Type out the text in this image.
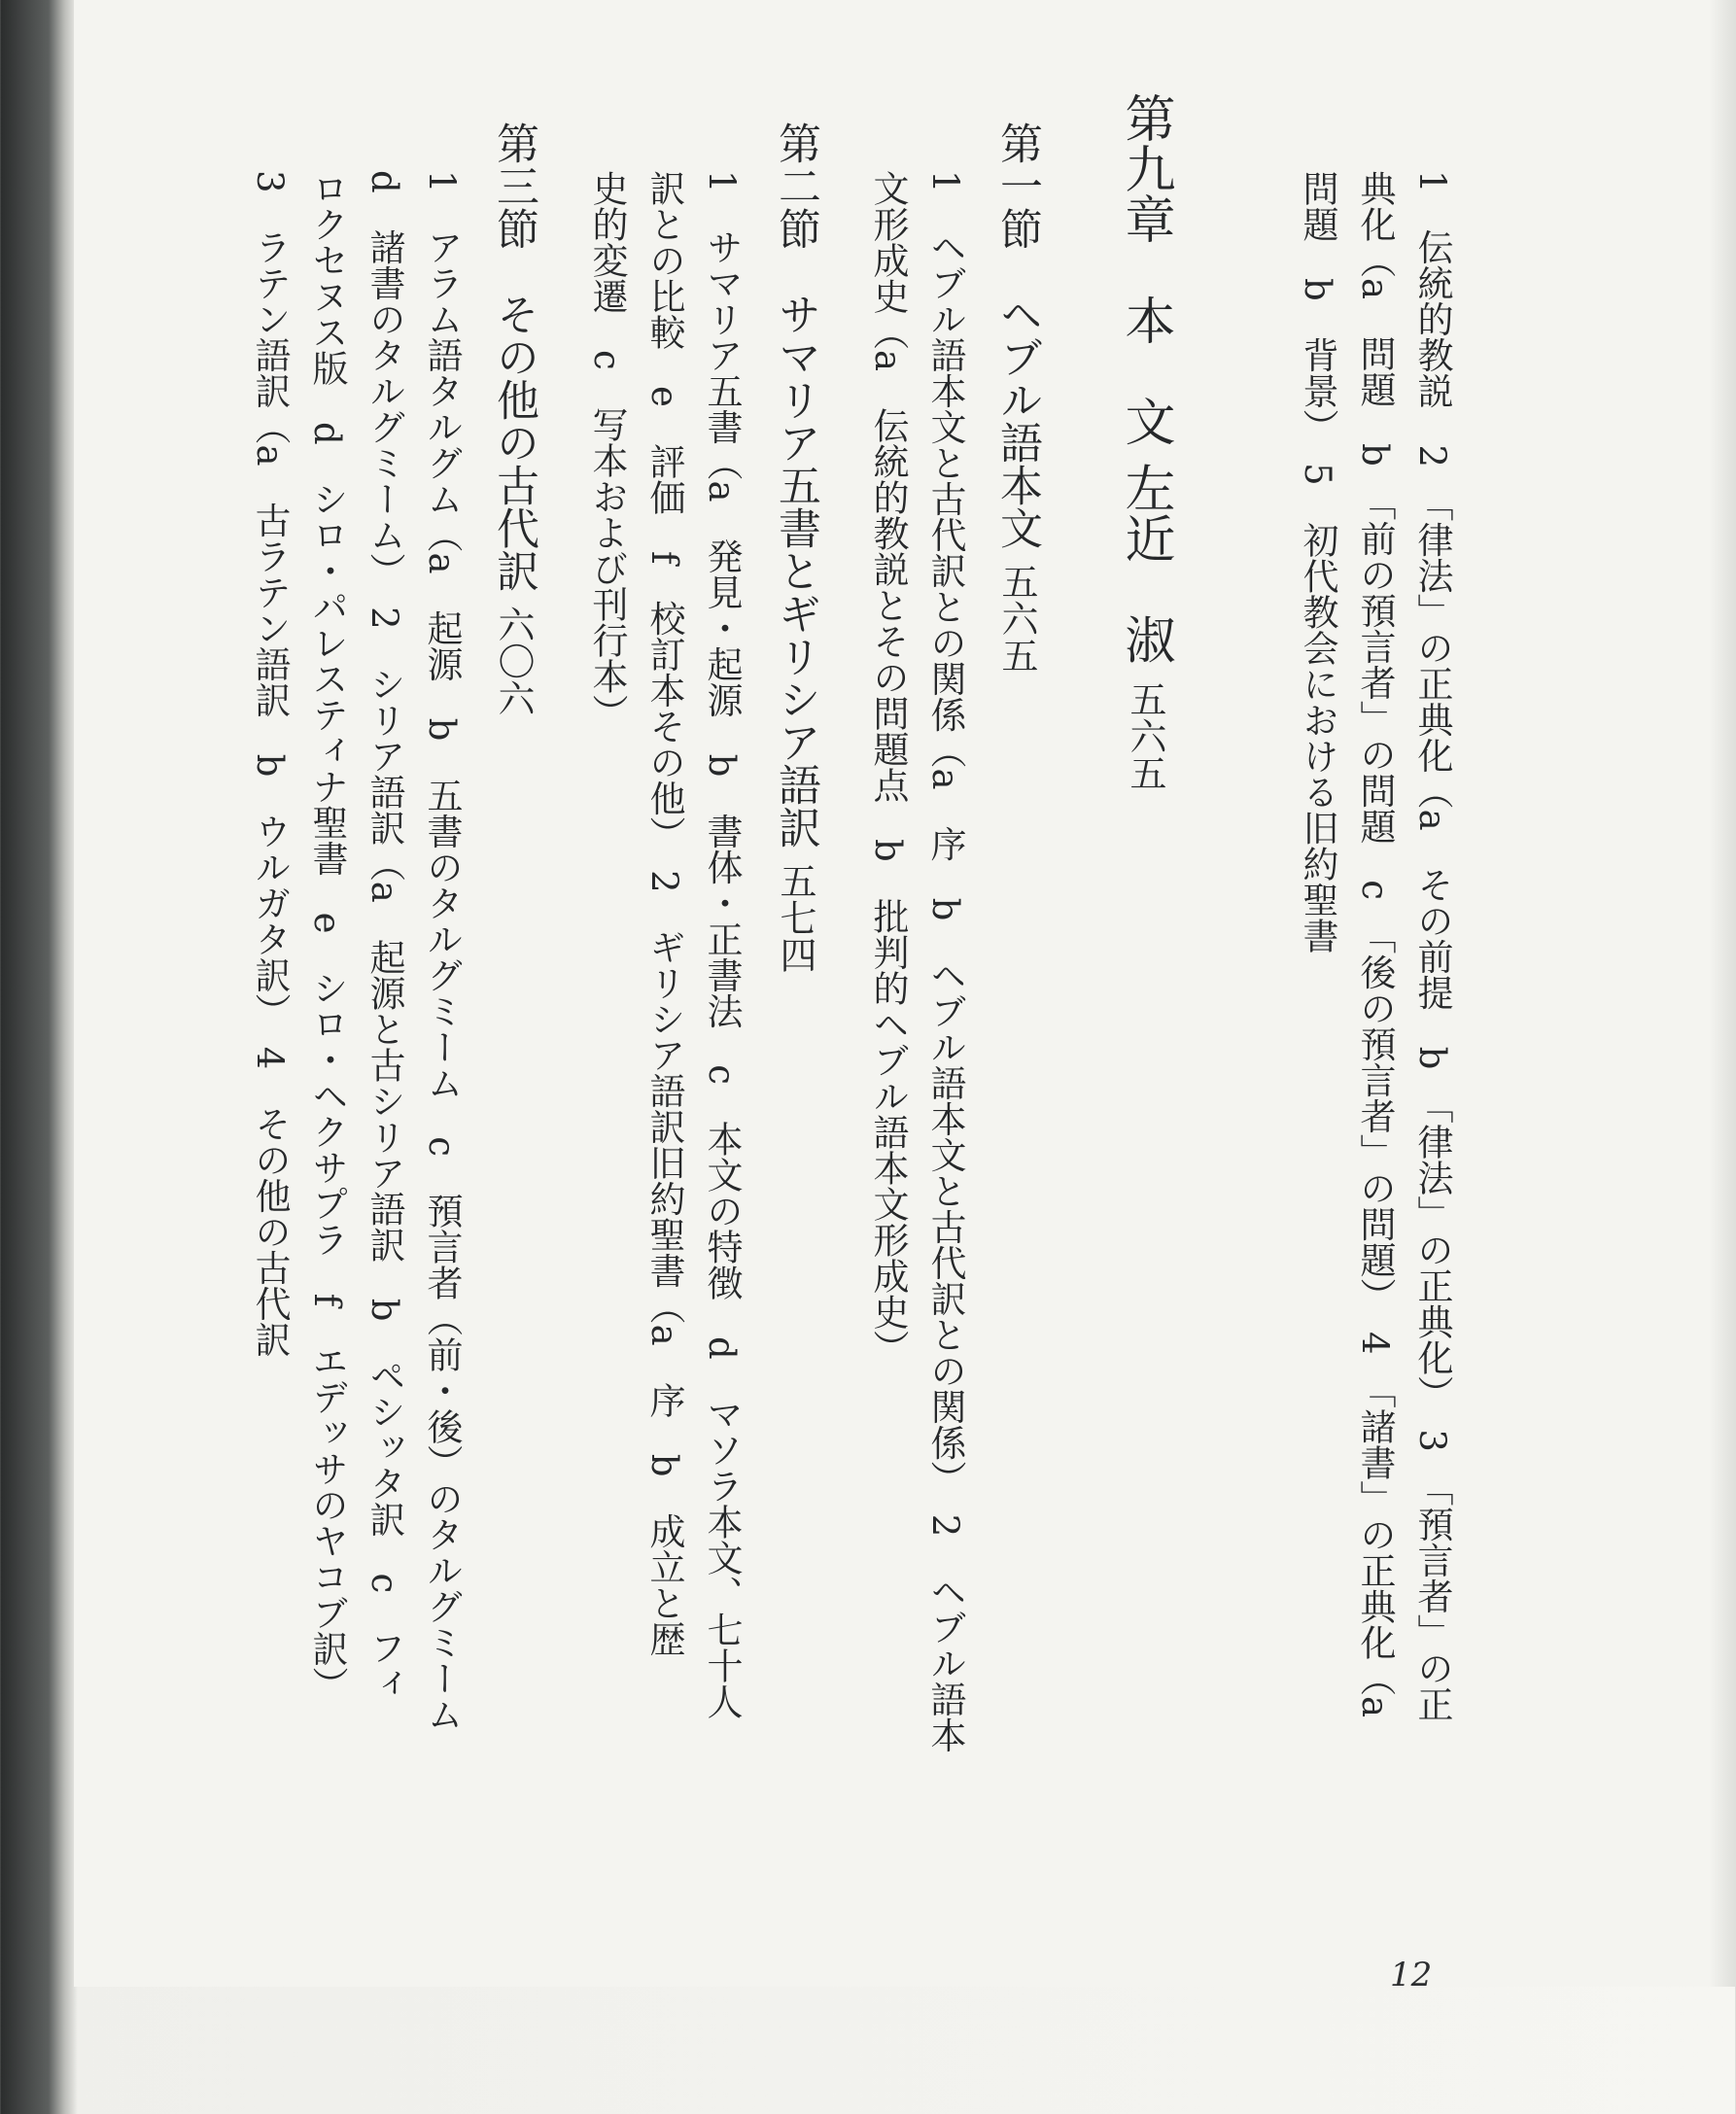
1　伝統的教説　2　「律法」の正典化（a　その前提　b　「律法」の正典化）　3　「預言者」の正
典化（a　問題　b　「前の預言者」の問題　c　「後の預言者」の問題）　4　「諸書」の正典化（a
問題　b　背景）　5　初代教会における旧約聖書
第九章　本　文 左近　淑 五六五
第一節　ヘブル語本文 五六五
1　ヘブル語本文と古代訳との関係（a　序　b　ヘブル語本文と古代訳との関係）　2　ヘブル語本
文形成史（a　伝統的教説とその問題点　b　批判的ヘブル語本文形成史）
第二節　サマリア五書とギリシア語訳 五七四
1　サマリア五書（a　発見・起源　b　書体・正書法　c　本文の特徴　d　マソラ本文、七十人
訳との比較　e　評価　f　校訂本その他）　2　ギリシア語訳旧約聖書（a　序　b　成立と歴
史的変遷　c　写本および刊行本）
第三節　その他の古代訳 六〇六
1　アラム語タルグム（a　起源　b　五書のタルグミーム　c　預言者（前・後）のタルグミーム
d　諸書のタルグミーム）　2　シリア語訳（a　起源と古シリア語訳　b　ペシッタ訳　c　フィ
ロクセヌス版　d　シロ・パレスティナ聖書　e　シロ・ヘクサプラ　f　エデッサのヤコブ訳）
3　ラテン語訳（a　古ラテン語訳　b　ウルガタ訳）　4　その他の古代訳
12
